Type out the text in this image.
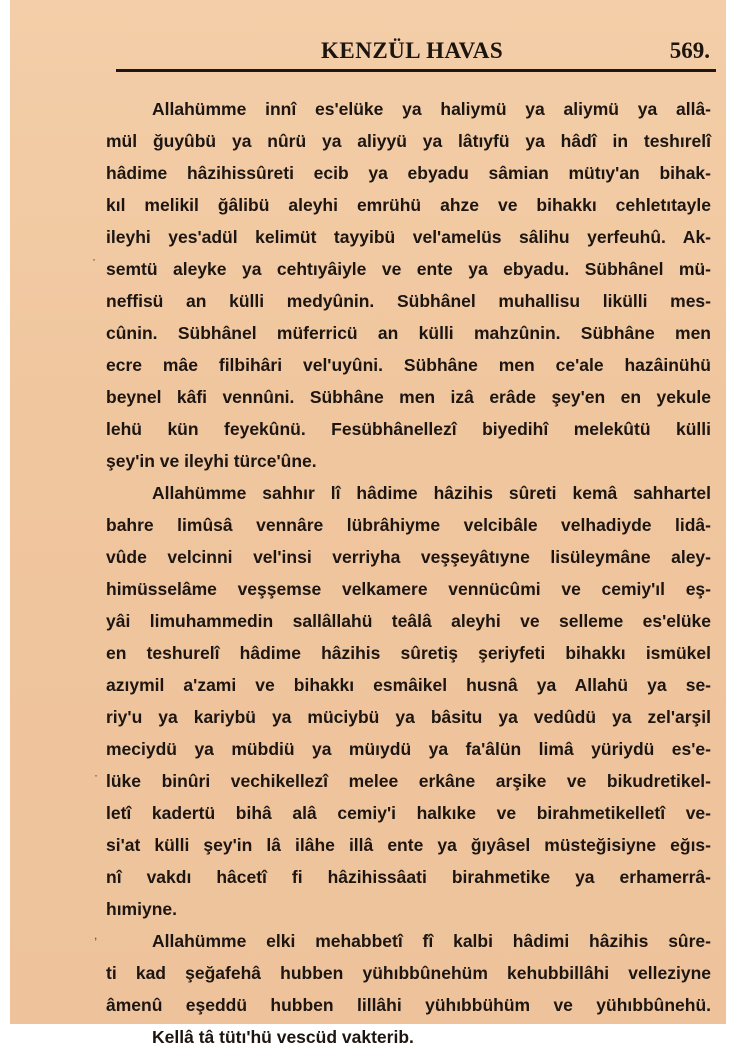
KENZÜL HAVAS	569.
Allahümme innî es'elüke ya haliymü ya aliymü ya allâ-
mül ğuyûbü ya nûrü ya aliyyü ya lâtıyfü ya hâdî in teshırelî
hâdime hâzihissûreti ecib ya ebyadu sâmian mütıy'an bihak-
kıl melikil ğâlibü aleyhi emrühü ahze ve bihakkı cehletıtayle
ileyhi yes'adül kelimüt tayyibü vel'amelüs sâlihu yerfeuhû. Ak-
semtü aleyke ya cehtıyâiyle ve ente ya ebyadu. Sübhânel mü-
neffisü an külli medyûnin. Sübhânel muhallisu likülli mes-
cûnin. Sübhânel müferricü an külli mahzûnin. Sübhâne men
ecre mâe filbihâri vel'uyûni. Sübhâne men ce'ale hazâinühü
beynel kâfi vennûni. Sübhâne men izâ erâde şey'en en yekule
lehü kün feyekûnü. Fesübhânellezî biyedihî melekûtü külli
şey'in ve ileyhi türce'ûne.
Allahümme sahhır lî hâdime hâzihis sûreti kemâ sahhartel
bahre limûsâ vennâre lübrâhiyme velcibâle velhadiyde lidâ-
vûde velcinni vel'insi verriyha veşşeyâtıyne lisüleymâne aley-
himüsselâme veşşemse velkamere vennücûmi ve cemiy'ıl eş-
yâi limuhammedin sallâllahü teâlâ aleyhi ve selleme es'elüke
en teshurelî hâdime hâzihis sûretiş şeriyfeti bihakkı ismükel
azıymil a'zami ve bihakkı esmâikel husnâ ya Allahü ya se-
riy'u ya kariybü ya müciybü ya bâsitu ya vedûdü ya zel'arşil
meciydü ya mübdiü ya müıydü ya fa'âlün limâ yüriydü es'e-
lüke binûri vechikellezî melee erkâne arşike ve bikudretikel-
letî kadertü bihâ alâ cemiy'i halkıke ve birahmetikelletî ve-
si'at külli şey'in lâ ilâhe illâ ente ya ğıyâsel müsteğisiyne eğıs-
nî vakdı hâcetî fi hâzihissâati birahmetike ya erhamerrâ-
hımiyne.
Allahümme elki mehabbetî fî kalbi hâdimi hâzihis sûre-
ti kad şeğafehâ hubben yühıbbûnehüm kehubbillâhi velleziyne
âmenû eşeddü hubben lillâhi yühıbbühüm ve yühıbbûnehü.
Kellâ tâ tütı'hü vescüd vakterib.
·
·
,
